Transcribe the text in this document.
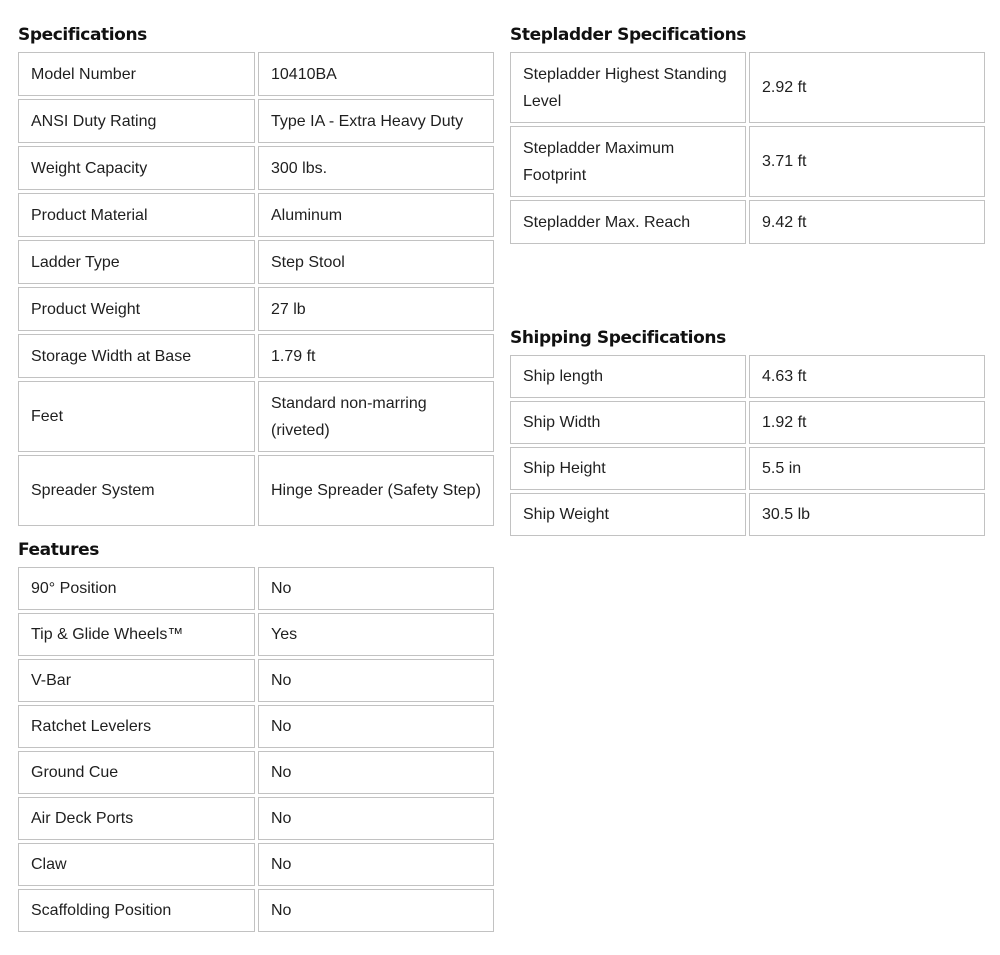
Specifications
Model Number	10410BA
ANSI Duty Rating	Type IA - Extra Heavy Duty
Weight Capacity	300 lbs.
Product Material	Aluminum
Ladder Type	Step Stool
Product Weight	27 lb
Storage Width at Base	1.79 ft
Feet	Standard non-marring (riveted)
Spreader System	Hinge Spreader (Safety Step)
Stepladder Specifications
Stepladder Highest Standing Level	2.92 ft
Stepladder Maximum Footprint	3.71 ft
Stepladder Max. Reach	9.42 ft
Shipping Specifications
Ship length	4.63 ft
Ship Width	1.92 ft
Ship Height	5.5 in
Ship Weight	30.5 lb
Features
90° Position	No
Tip & Glide Wheels™	Yes
V-Bar	No
Ratchet Levelers	No
Ground Cue	No
Air Deck Ports	No
Claw	No
Scaffolding Position	No
